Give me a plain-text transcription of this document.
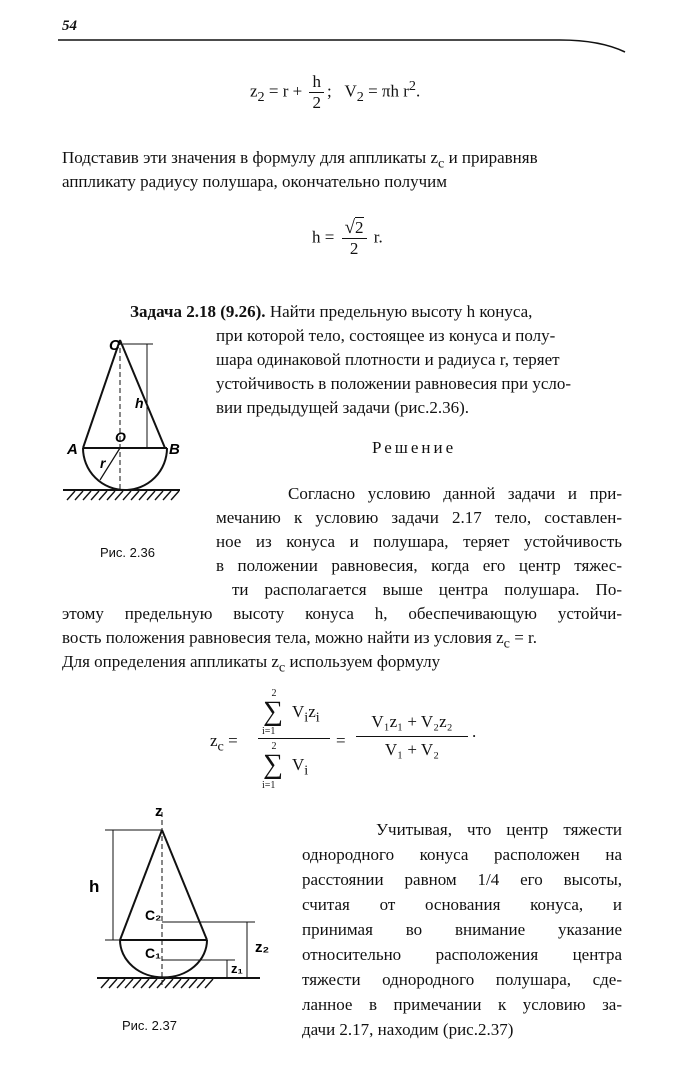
54
$z_2 = r + \frac{h}{2}$ ; $V_2 = \pi h$ $r^2$.
Подставив эти значения в формулу для аппликаты $z_c$ и приравняв
аппликату радиусу полушара, окончательно получим
$h = \frac{√2}{2} r$.
Задача 2.18 (9.26). Найти предельную высоту h конуса,
при которой тело, состоящее из конуса и полу-
шара одинаковой плотности и радиуса r, теряет
устойчивость в положении равновесия при усло-
вии предыдущей задачи (рис.2.36).
Решение
C
A
O
B
h
r
Рис. 2.36
Согласно условию данной задачи и при-
мечанию к условию задачи 2.17 тело, составлен-
ное из конуса и полушара, теряет устойчивость
в положении равновесия, когда его центр тяжес-
ти располагается выше центра полушара. По-
этому предельную высоту конуса h, обеспечивающую устойчи-
вость положения равновесия тела, можно найти из условия $z_c = r$.
Для определения аппликаты $z_c$ используем формулу
$z_c$ =
2
∑ $V_iz_i$
i=1
2
∑ $V_i$
i=1
=
V₁z₁ + V₂z₂
V₁ + V₂
.
z
h
C₂
C₁	z₂
z₁
Рис. 2.37
Учитывая, что центр тяжести
однородного конуса расположен на
расстоянии равном 1/4 его высоты,
считая от основания конуса, и
принимая во внимание указание
относительно расположения центра
тяжести однородного полушара, сде-
ланное в примечании к условию за-
дачи 2.17, находим (рис.2.37)
